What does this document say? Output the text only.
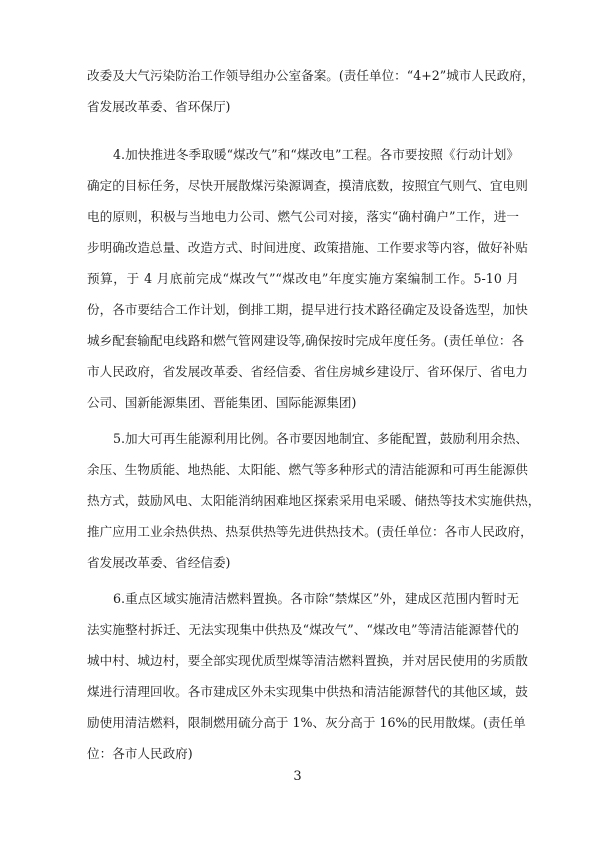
改委及大气污染防治工作领导组办公室备案。(责任单位：“4+2”城市人民政府，
省发展改革委、省环保厅)
4.加快推进冬季取暖“煤改气”和“煤改电”工程。各市要按照《行动计划》
确定的目标任务，尽快开展散煤污染源调查，摸清底数，按照宜气则气、宜电则
电的原则，积极与当地电力公司、燃气公司对接，落实“确村确户”工作，进一
步明确改造总量、改造方式、时间进度、政策措施、工作要求等内容，做好补贴
预算，于 4 月底前完成“煤改气”“煤改电”年度实施方案编制工作。5-10 月
份，各市要结合工作计划，倒排工期，提早进行技术路径确定及设备选型，加快
城乡配套输配电线路和燃气管网建设等,确保按时完成年度任务。(责任单位：各
市人民政府，省发展改革委、省经信委、省住房城乡建设厅、省环保厅、省电力
公司、国新能源集团、晋能集团、国际能源集团)
5.加大可再生能源利用比例。各市要因地制宜、多能配置，鼓励利用余热、
余压、生物质能、地热能、太阳能、燃气等多种形式的清洁能源和可再生能源供
热方式，鼓励风电、太阳能消纳困难地区探索采用电采暖、储热等技术实施供热，
推广应用工业余热供热、热泵供热等先进供热技术。(责任单位：各市人民政府，
省发展改革委、省经信委)
6.重点区域实施清洁燃料置换。各市除“禁煤区”外，建成区范围内暂时无
法实施整村拆迁、无法实现集中供热及“煤改气”、“煤改电”等清洁能源替代的
城中村、城边村，要全部实现优质型煤等清洁燃料置换，并对居民使用的劣质散
煤进行清理回收。各市建成区外未实现集中供热和清洁能源替代的其他区域，鼓
励使用清洁燃料，限制燃用硫分高于 1%、灰分高于 16%的民用散煤。(责任单
位：各市人民政府)
3
